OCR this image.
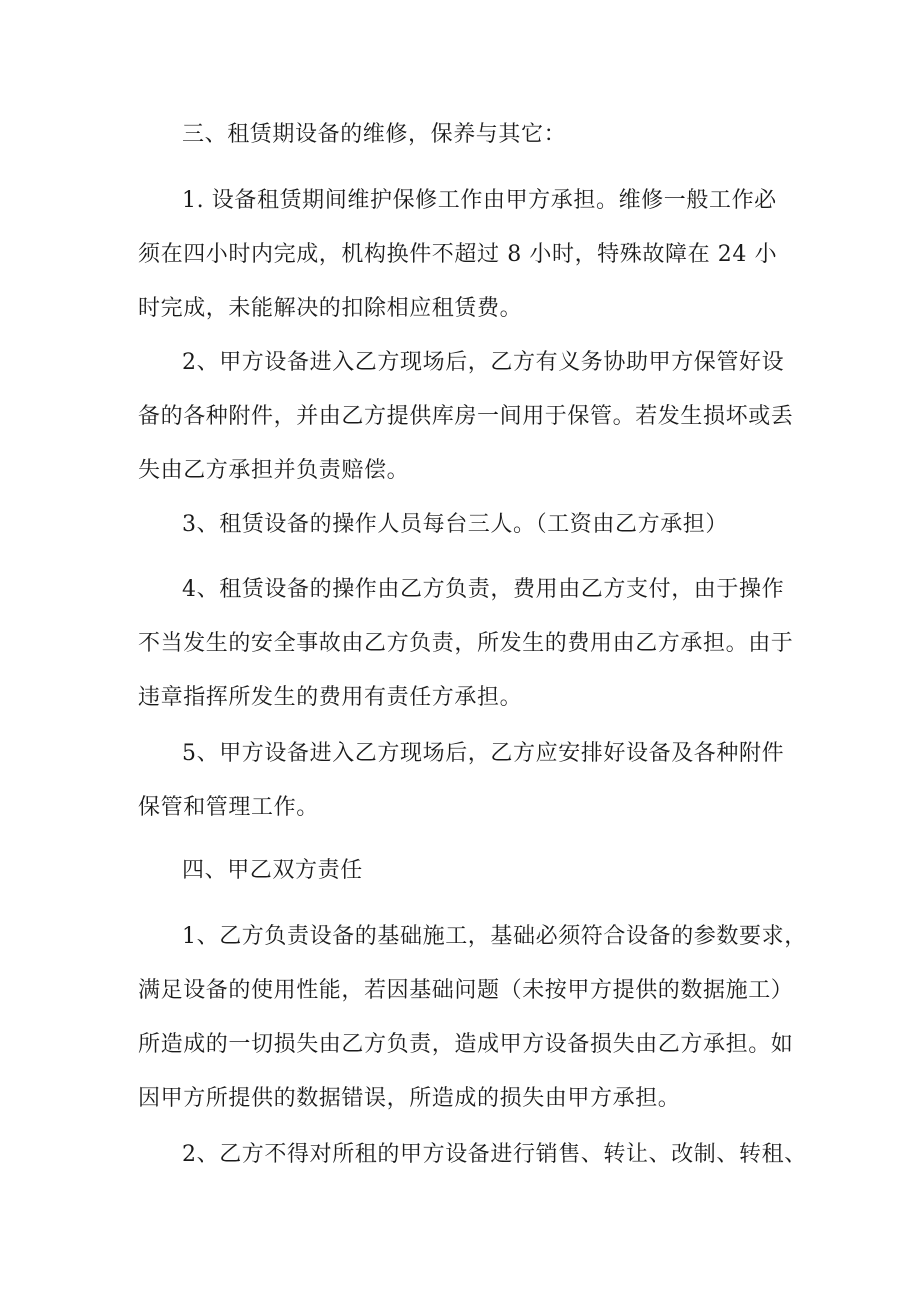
三、租赁期设备的维修，保养与其它：

1. 设备租赁期间维护保修工作由甲方承担。维修一般工作必
须在四小时内完成，机构换件不超过 8 小时，特殊故障在 24 小
时完成，未能解决的扣除相应租赁费。
2、甲方设备进入乙方现场后，乙方有义务协助甲方保管好设
备的各种附件，并由乙方提供库房一间用于保管。若发生损坏或丢
失由乙方承担并负责赔偿。
3、租赁设备的操作人员每台三人。（工资由乙方承担）
4、租赁设备的操作由乙方负责，费用由乙方支付，由于操作
不当发生的安全事故由乙方负责，所发生的费用由乙方承担。由于
违章指挥所发生的费用有责任方承担。
5、甲方设备进入乙方现场后，乙方应安排好设备及各种附件
保管和管理工作。

四、甲乙双方责任

1、乙方负责设备的基础施工，基础必须符合设备的参数要求，
满足设备的使用性能，若因基础问题（未按甲方提供的数据施工）
所造成的一切损失由乙方负责，造成甲方设备损失由乙方承担。如
因甲方所提供的数据错误，所造成的损失由甲方承担。
2、乙方不得对所租的甲方设备进行销售、转让、改制、转租、
